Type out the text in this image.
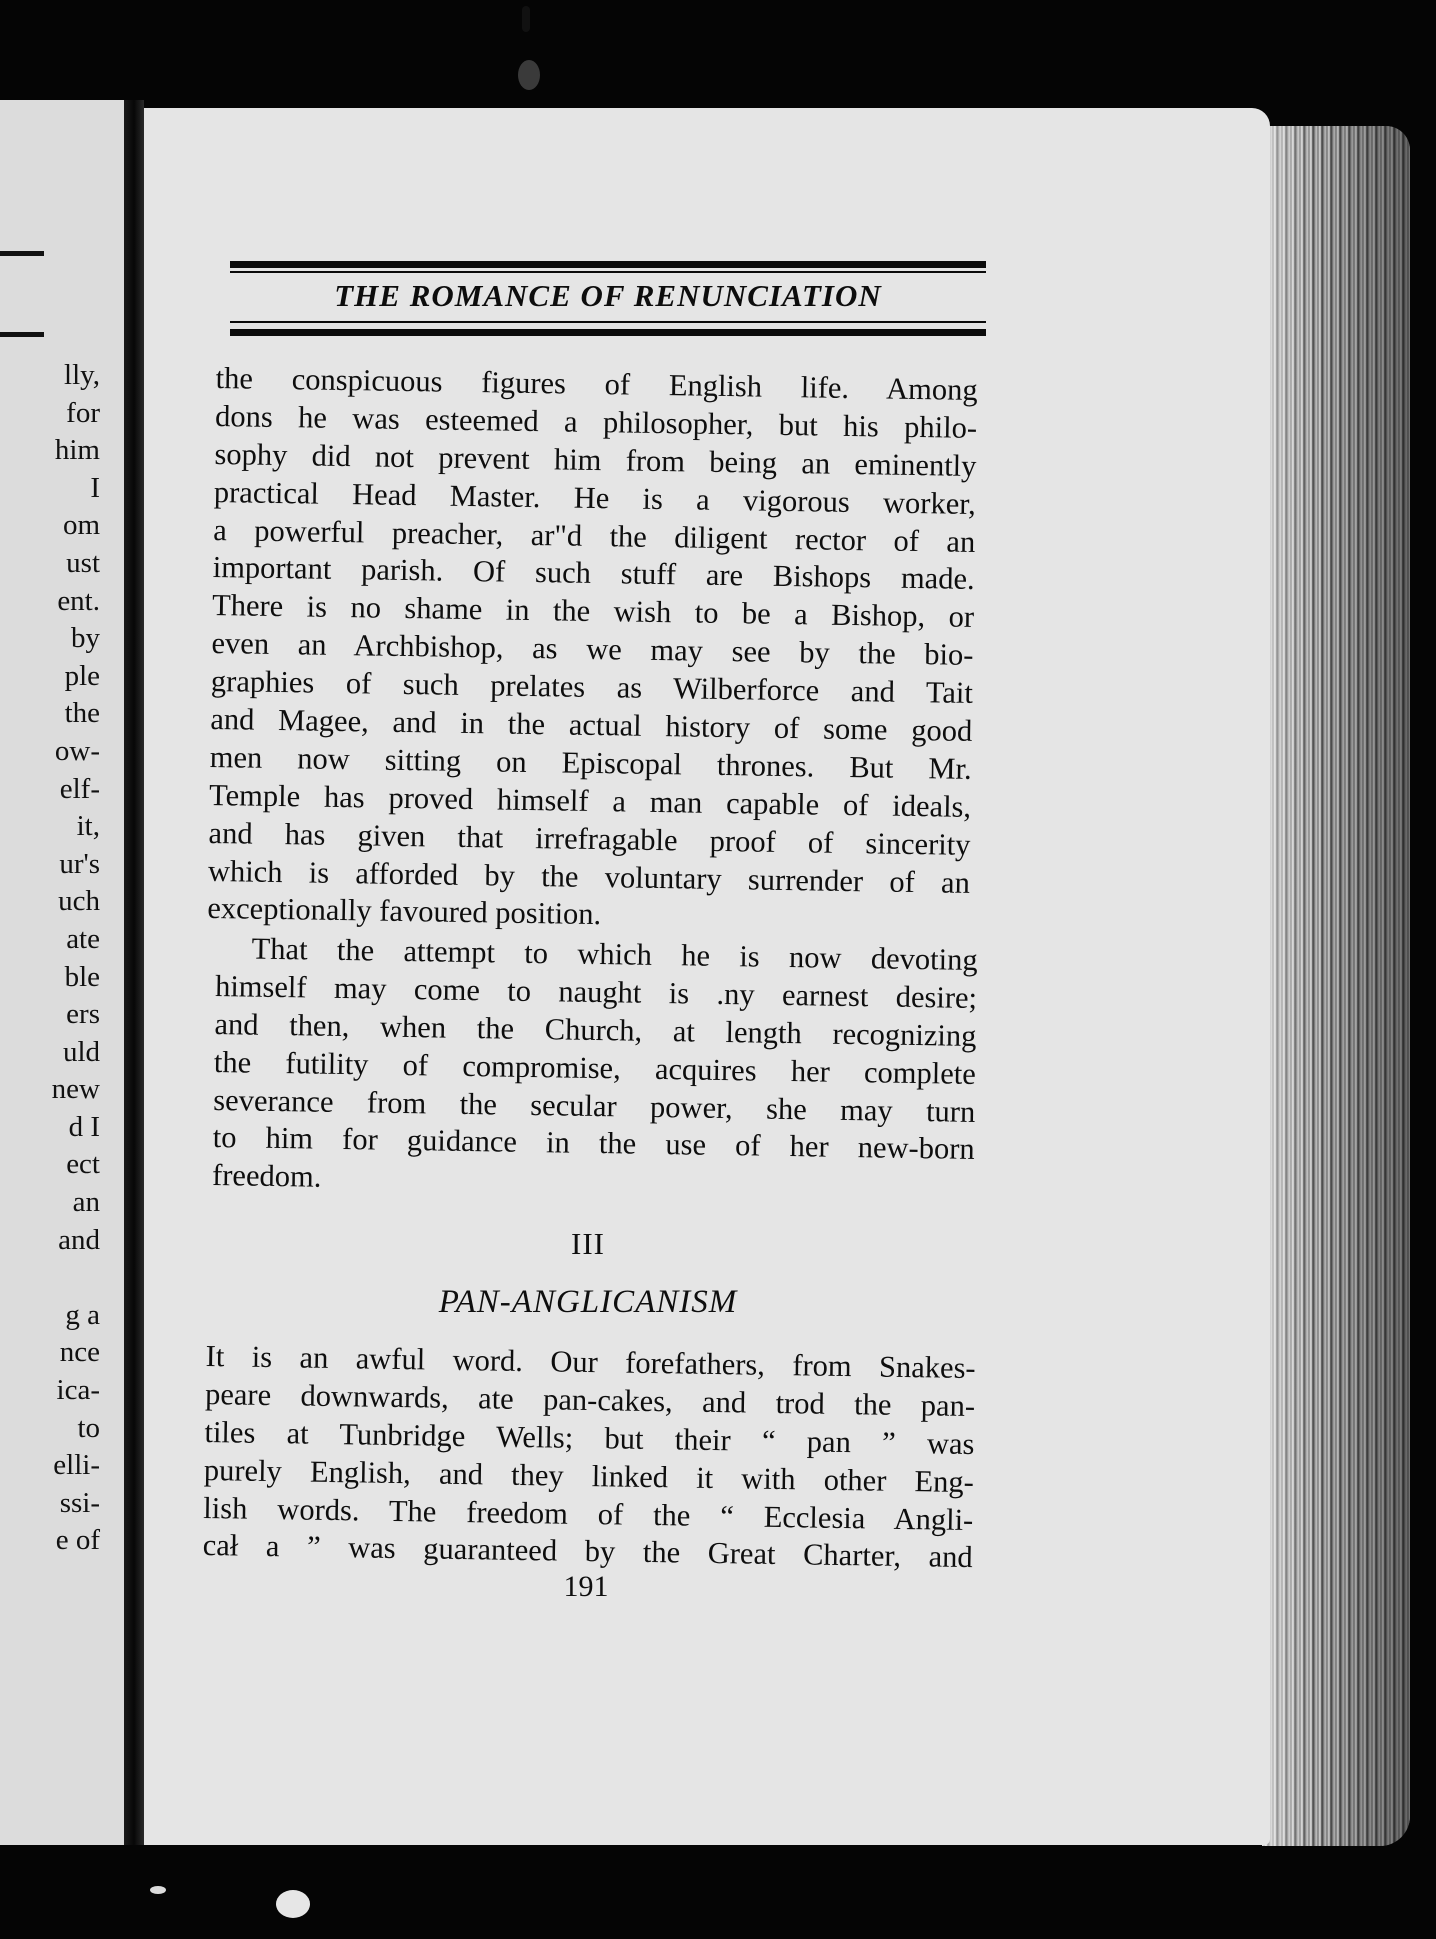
lly,
for
him
I
om
ust
ent.
by
ple
the
ow-
elf-
it,
ur's
uch
ate
ble
ers
uld
new
d I
ect
an
and
g a
nce
ica-
to
elli-
ssi-
e of
THE ROMANCE OF RENUNCIATION
the conspicuous figures of English life. Among
dons he was esteemed a philosopher, but his philo-
sophy did not prevent him from being an eminently
practical Head Master. He is a vigorous worker,
a powerful preacher, ar"d the diligent rector of an
important parish. Of such stuff are Bishops made.
There is no shame in the wish to be a Bishop, or
even an Archbishop, as we may see by the bio-
graphies of such prelates as Wilberforce and Tait
and Magee, and in the actual history of some good
men now sitting on Episcopal thrones. But Mr.
Temple has proved himself a man capable of ideals,
and has given that irrefragable proof of sincerity
which is afforded by the voluntary surrender of an
exceptionally favoured position.
That the attempt to which he is now devoting
himself may come to naught is .ny earnest desire;
and then, when the Church, at length recognizing
the futility of compromise, acquires her complete
severance from the secular power, she may turn
to him for guidance in the use of her new-born
freedom.
III
PAN-ANGLICANISM
It is an awful word. Our forefathers, from Snakes-
peare downwards, ate pan-cakes, and trod the pan-
tiles at Tunbridge Wells; but their “ pan ” was
purely English, and they linked it with other Eng-
lish words. The freedom of the “ Ecclesia Angli-
cał a ” was guaranteed by the Great Charter, and
191
